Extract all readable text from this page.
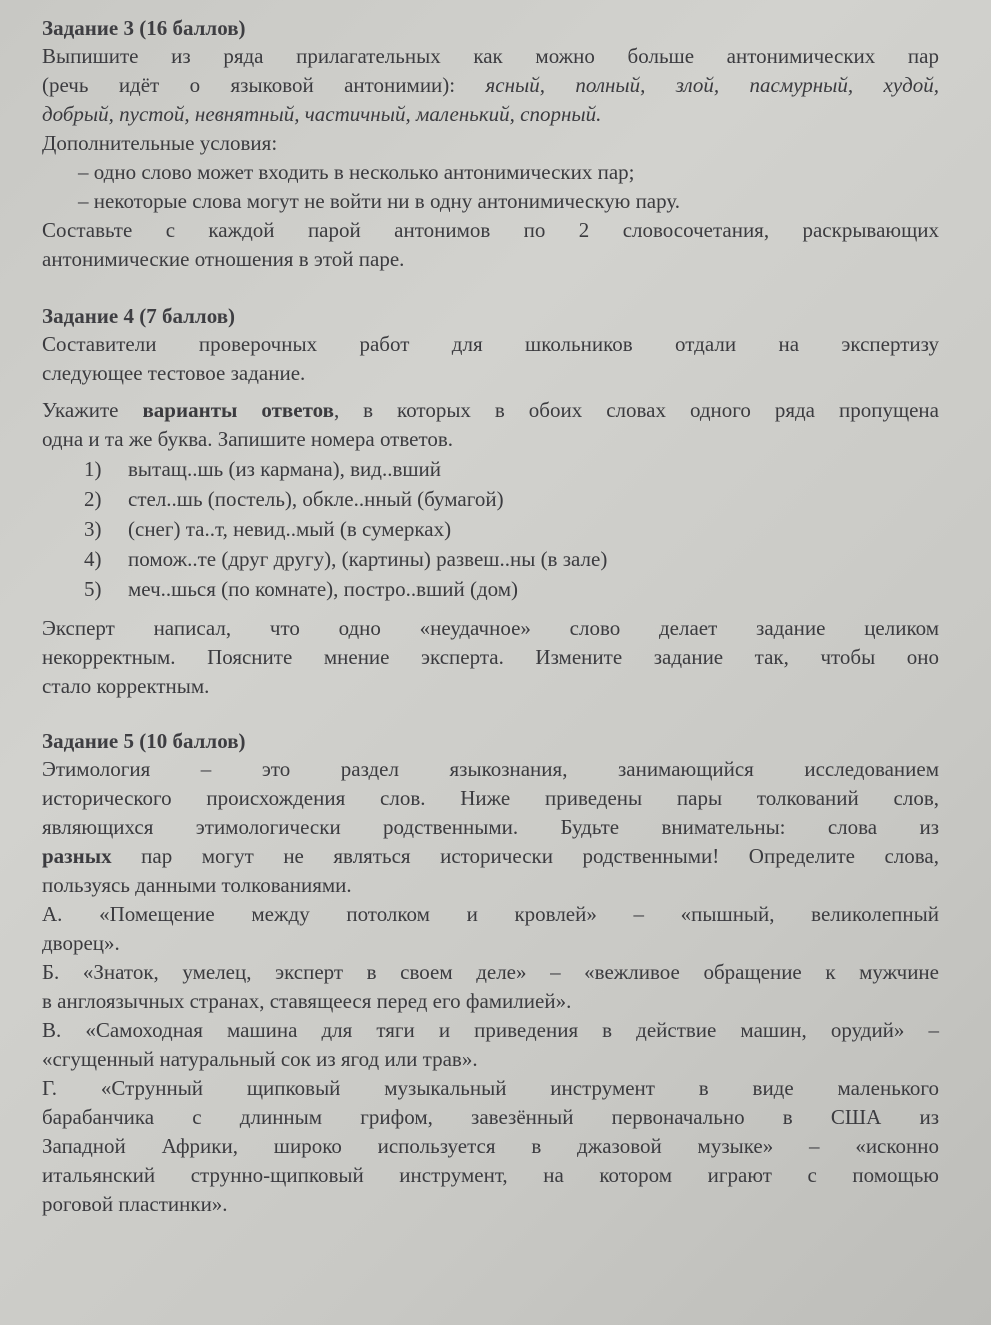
Задание 3 (16 баллов)
Выпишите из ряда прилагательных как можно больше антонимических пар
(речь идёт о языковой антонимии): ясный, полный, злой, пасмурный, худой,
добрый, пустой, невнятный, частичный, маленький, спорный.
Дополнительные условия:
– одно слово может входить в несколько антонимических пар;
– некоторые слова могут не войти ни в одну антонимическую пару.
Составьте с каждой парой антонимов по 2 словосочетания, раскрывающих
антонимические отношения в этой паре.
Задание 4 (7 баллов)
Составители проверочных работ для школьников отдали на экспертизу
следующее тестовое задание.
Укажите варианты ответов, в которых в обоих словах одного ряда пропущена
одна и та же буква. Запишите номера ответов.
1)	вытащ..шь (из кармана), вид..вший
2)	стел..шь (постель), обкле..нный (бумагой)
3)	(снег) та..т, невид..мый (в сумерках)
4)	помож..те (друг другу), (картины) развеш..ны (в зале)
5)	меч..шься (по комнате), постро..вший (дом)
Эксперт написал, что одно «неудачное» слово делает задание целиком
некорректным. Поясните мнение эксперта. Измените задание так, чтобы оно
стало корректным.
Задание 5 (10 баллов)
Этимология – это раздел языкознания, занимающийся исследованием
исторического происхождения слов. Ниже приведены пары толкований слов,
являющихся этимологически родственными. Будьте внимательны: слова из
разных пар могут не являться исторически родственными! Определите слова,
пользуясь данными толкованиями.
А. «Помещение между потолком и кровлей» – «пышный, великолепный
дворец».
Б. «Знаток, умелец, эксперт в своем деле» – «вежливое обращение к мужчине
в англоязычных странах, ставящееся перед его фамилией».
В. «Самоходная машина для тяги и приведения в действие машин, орудий» –
«сгущенный натуральный сок из ягод или трав».
Г. «Струнный щипковый музыкальный инструмент в виде маленького
барабанчика с длинным грифом, завезённый первоначально в США из
Западной Африки, широко используется в джазовой музыке» – «исконно
итальянский струнно-щипковый инструмент, на котором играют с помощью
роговой пластинки».
